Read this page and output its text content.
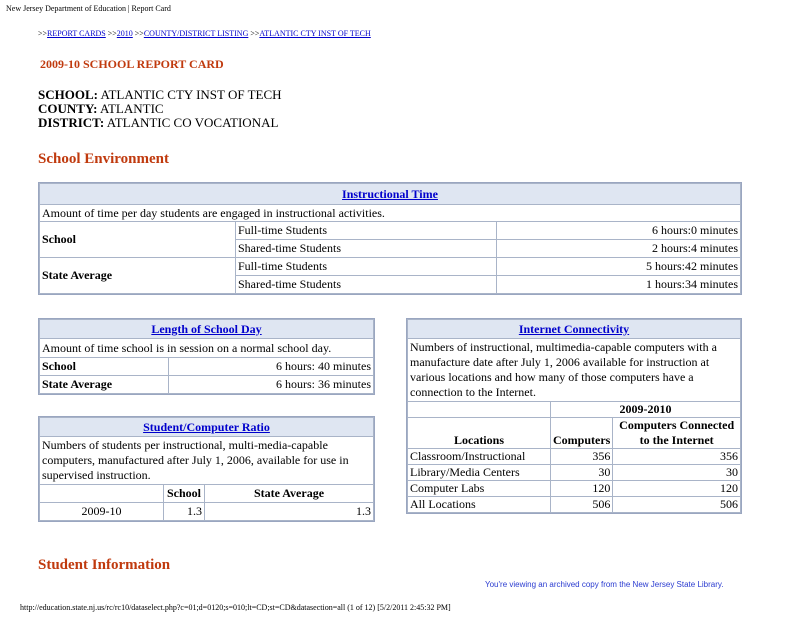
New Jersey Department of Education | Report Card
>>REPORT CARDS >>2010 >>COUNTY/DISTRICT LISTING >>ATLANTIC CTY INST OF TECH
2009-10 SCHOOL REPORT CARD
SCHOOL: ATLANTIC CTY INST OF TECH
COUNTY: ATLANTIC
DISTRICT: ATLANTIC CO VOCATIONAL
School Environment
Instructional Time		
Amount of time per day students are engaged in instructional activities.		
School	Full-time Students	6 hours:0 minutes
	Shared-time Students	2 hours:4 minutes
State Average	Full-time Students	5 hours:42 minutes
	Shared-time Students	1 hours:34 minutes
Length of School Day	
Amount of time school is in session on a normal school day.	
School	6 hours: 40 minutes
State Average	6 hours: 36 minutes
Student/Computer Ratio		
Numbers of students per instructional, multi-media-capable computers, manufactured after July 1, 2006, available for use in supervised instruction.		
	School	State Average
2009-10	1.3	1.3
Internet Connectivity		
Numbers of instructional, multimedia-capable computers with a manufacture date after July 1, 2006 available for instruction at various locations and how many of those computers have a connection to the Internet.		
	2009-2010	
Locations	Computers	Computers Connected to the Internet
Classroom/Instructional	356	356
Library/Media Centers	30	30
Computer Labs	120	120
All Locations	506	506
Student Information
You're viewing an archived copy from the New Jersey State Library.
http://education.state.nj.us/rc/rc10/dataselect.php?c=01;d=0120;s=010;lt=CD;st=CD&datasection=all (1 of 12) [5/2/2011 2:45:32 PM]
